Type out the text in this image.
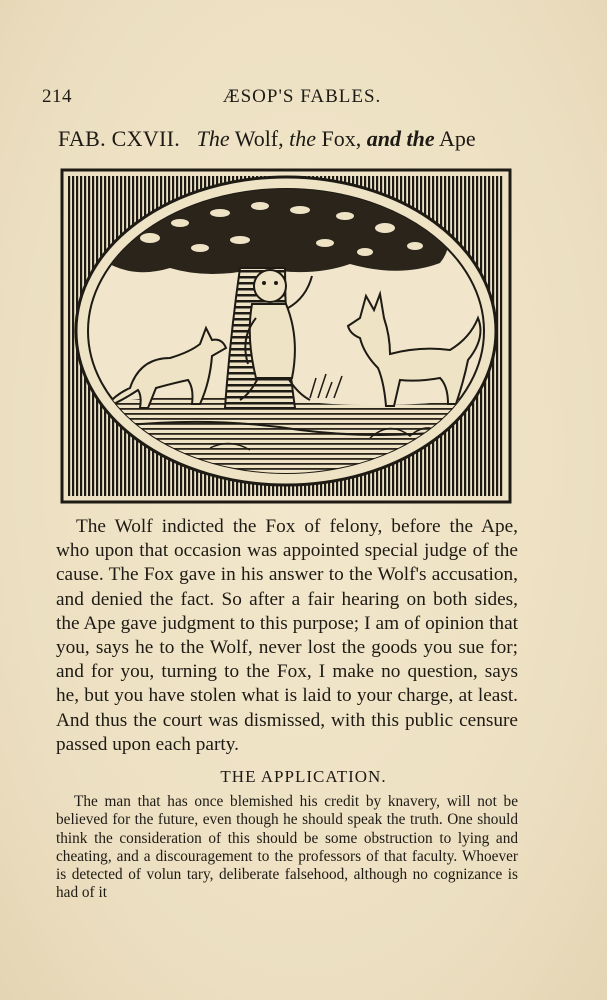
214	ÆSOP'S FABLES.
FAB. CXVII. The Wolf, the Fox, and the Ape

The Wolf indicted the Fox of felony, before the Ape, who upon that occasion was appointed special judge of the cause. The Fox gave in his answer to the Wolf's accusation, and denied the fact. So after a fair hearing on both sides, the Ape gave judgment to this purpose; I am of opinion that you, says he to the Wolf, never lost the goods you sue for; and for you, turning to the Fox, I make no question, says he, but you have stolen what is laid to your charge, at least. And thus the court was dismissed, with this public censure passed upon each party.

THE APPLICATION.

The man that has once blemished his credit by knavery, will not be believed for the future, even though he should speak the truth. One should think the consideration of this should be some obstruction to lying and cheating, and a discouragement to the professors of that faculty. Whoever is detected of volun tary, deliberate falsehood, although no cognizance is had of it
